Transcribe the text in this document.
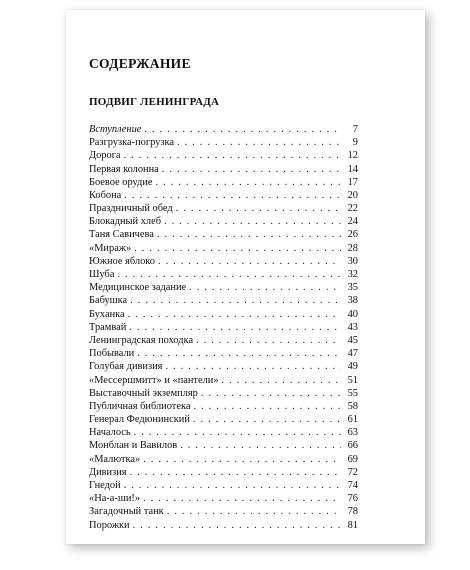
СОДЕРЖАНИЕ
ПОДВИГ ЛЕНИНГРАДА
Вступление . . .	7
Разгрузка-погрузка . . .	9
Дорога . . .	12
Первая колонна . . .	14
Боевое орудие . . .	17
Кобона . . .	20
Праздничный обед . . .	22
Блокадный хлеб . . .	24
Таня Савичева . . .	26
«Мираж» . . .	28
Южное яблоко . . .	30
Шуба . . .	32
Медицинское задание . . .	35
Бабушка . . .	38
Буханка . . .	40
Трамвай . . .	43
Ленинградская походка . . .	45
Побывали . . .	47
Голубая дивизия . . .	49
«Мессершмитт» и «пантели» . . .	51
Выставочный экземпляр . . .	55
Публичная библиотека . . .	58
Генерал Федюнинский . . .	61
Началось . . .	63
Монблан и Вавилов . . .	66
«Малютка» . . .	69
Дивизия . . .	72
Гнедой . . .	74
«На-а-ши!» . . .	76
Загадочный танк . . .	78
Порожки . . .	81
